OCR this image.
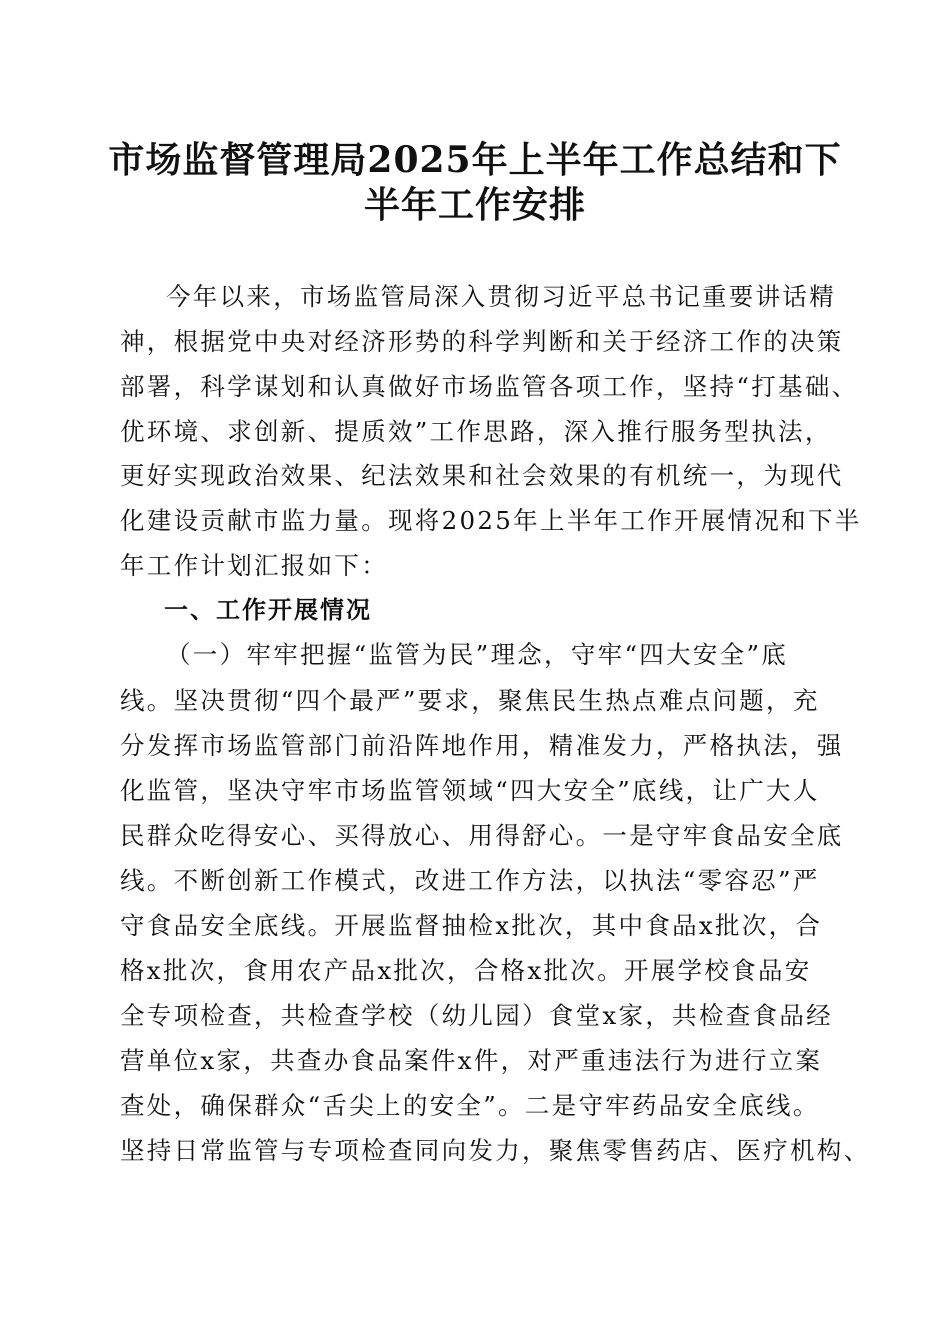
市场监督管理局2025年上半年工作总结和下
半年工作安排
今年以来，市场监管局深入贯彻习近平总书记重要讲话精
神，根据党中央对经济形势的科学判断和关于经济工作的决策
部署，科学谋划和认真做好市场监管各项工作，坚持“打基础、
优环境、求创新、提质效”工作思路，深入推行服务型执法，
更好实现政治效果、纪法效果和社会效果的有机统一，为现代
化建设贡献市监力量。现将2025年上半年工作开展情况和下半
年工作计划汇报如下：
一、工作开展情况
（一）牢牢把握“监管为民”理念，守牢“四大安全”底
线。坚决贯彻“四个最严”要求，聚焦民生热点难点问题，充
分发挥市场监管部门前沿阵地作用，精准发力，严格执法，强
化监管，坚决守牢市场监管领域“四大安全”底线，让广大人
民群众吃得安心、买得放心、用得舒心。一是守牢食品安全底
线。不断创新工作模式，改进工作方法，以执法“零容忍”严
守食品安全底线。开展监督抽检x批次，其中食品x批次，合
格x批次，食用农产品x批次，合格x批次。开展学校食品安
全专项检查，共检查学校（幼儿园）食堂x家，共检查食品经
营单位x家，共查办食品案件x件，对严重违法行为进行立案
查处，确保群众“舌尖上的安全”。二是守牢药品安全底线。
坚持日常监管与专项检查同向发力，聚焦零售药店、医疗机构、
